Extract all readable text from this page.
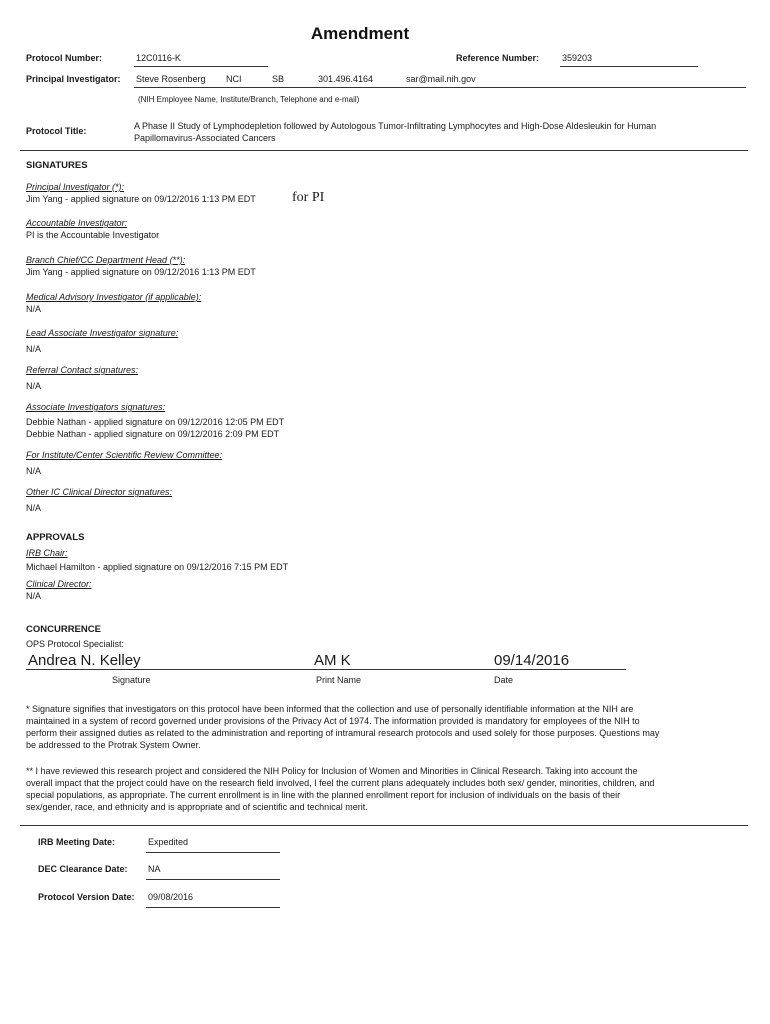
Amendment
Protocol Number:	12C0116-K	Reference Number:	359203
Principal Investigator: Steve Rosenberg NCI	SB	301.496.4164	sar@mail.nih.gov
(NIH Employee Name, Institute/Branch, Telephone and e-mail)
Protocol Title:	A Phase II Study of Lymphodepletion followed by Autologous Tumor-Infiltrating Lymphocytes and High-Dose Aldesleukin for Human
Papillomavirus-Associated Cancers
SIGNATURES
Principal Investigator (*):
Jim Yang - applied signature on 09/12/2016 1:13 PM EDT	for PI
Accountable Investigator:
PI is the Accountable Investigator
Branch Chief/CC Department Head (**):
Jim Yang - applied signature on 09/12/2016 1:13 PM EDT
Medical Advisory Investigator (if applicable):
N/A
Lead Associate Investigator signature:
N/A
Referral Contact signatures:
N/A
Associate Investigators signatures:
Debbie Nathan - applied signature on 09/12/2016 12:05 PM EDT
Debbie Nathan - applied signature on 09/12/2016 2:09 PM EDT
For Institute/Center Scientific Review Committee:
N/A
Other IC Clinical Director signatures:
N/A
APPROVALS
IRB Chair:
Michael Hamilton - applied signature on 09/12/2016 7:15 PM EDT
Clinical Director:
N/A
CONCURRENCE
OPS Protocol Specialist:
Andrea N. Kelley	AM K	09/14/2016
Signature	Print Name	Date
* Signature signifies that investigators on this protocol have been informed that the collection and use of personally identifiable information at the NIH are maintained in a system of record governed under provisions of the Privacy Act of 1974. The information provided is mandatory for employees of the NIH to perform their assigned duties as related to the administration and reporting of intramural research protocols and used solely for those purposes. Questions may be addressed to the Protrak System Owner.
** I have reviewed this research project and considered the NIH Policy for Inclusion of Women and Minorities in Clinical Research. Taking into account the overall impact that the project could have on the research field involved, I feel the current plans adequately includes both sex/ gender, minorities, children, and special populations, as appropriate. The current enrollment is in line with the planned enrollment report for inclusion of individuals on the basis of their sex/gender, race, and ethnicity and is appropriate and of scientific and technical merit.
IRB Meeting Date:	Expedited
DEC Clearance Date: NA
Protocol Version Date: 09/08/2016
